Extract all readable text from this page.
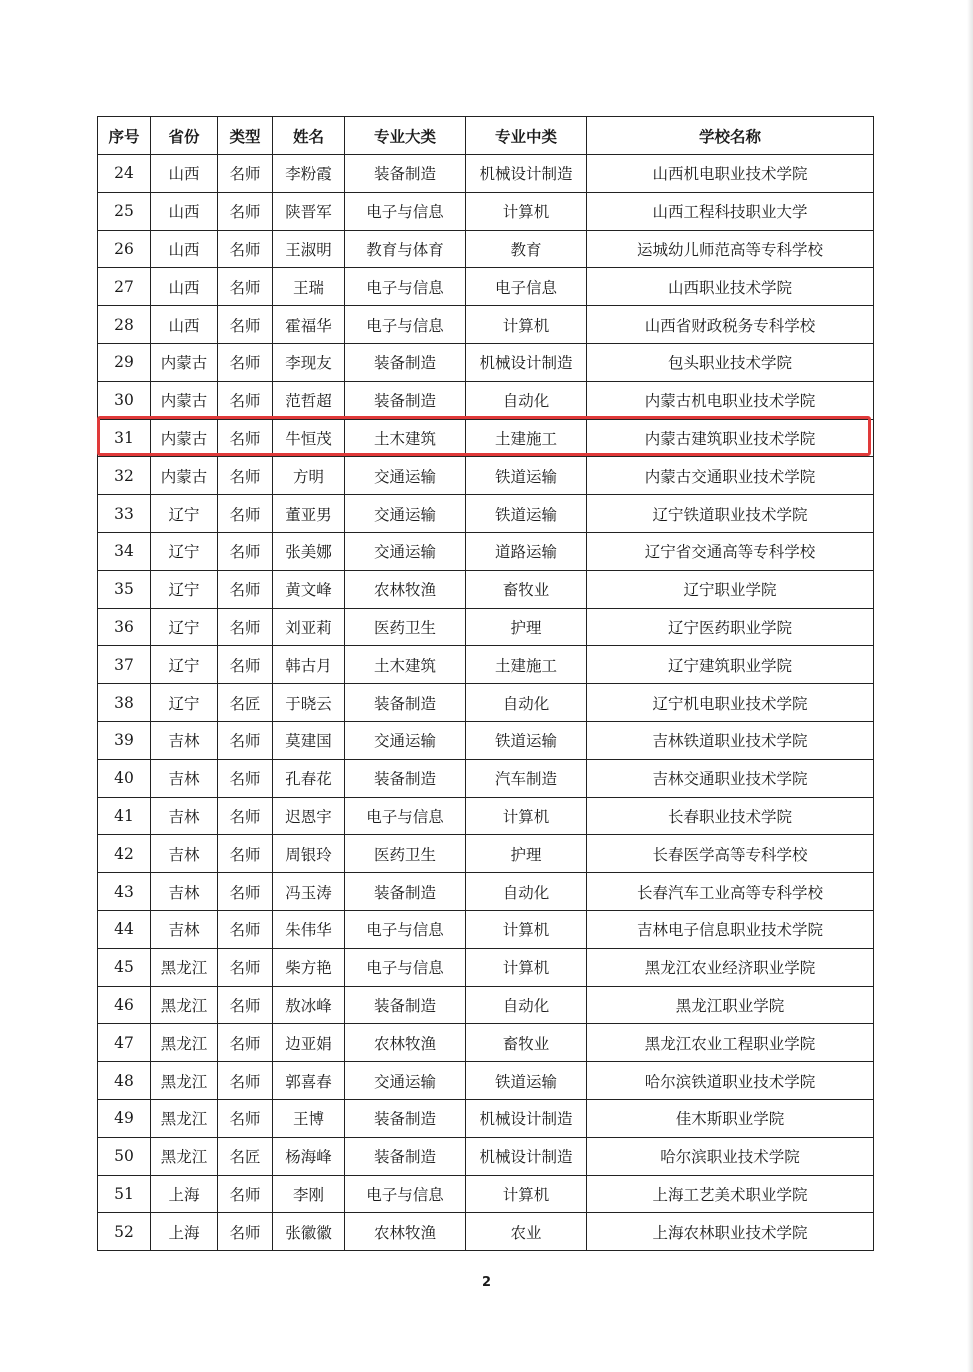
序号	省份	类型	姓名	专业大类	专业中类	学校名称
24	山西	名师	李粉霞	装备制造	机械设计制造	山西机电职业技术学院
25	山西	名师	陕晋军	电子与信息	计算机	山西工程科技职业大学
26	山西	名师	王淑明	教育与体育	教育	运城幼儿师范高等专科学校
27	山西	名师	王瑞	电子与信息	电子信息	山西职业技术学院
28	山西	名师	霍福华	电子与信息	计算机	山西省财政税务专科学校
29	内蒙古	名师	李现友	装备制造	机械设计制造	包头职业技术学院
30	内蒙古	名师	范哲超	装备制造	自动化	内蒙古机电职业技术学院
31	内蒙古	名师	牛恒茂	土木建筑	土建施工	内蒙古建筑职业技术学院
32	内蒙古	名师	方明	交通运输	铁道运输	内蒙古交通职业技术学院
33	辽宁	名师	董亚男	交通运输	铁道运输	辽宁铁道职业技术学院
34	辽宁	名师	张美娜	交通运输	道路运输	辽宁省交通高等专科学校
35	辽宁	名师	黄文峰	农林牧渔	畜牧业	辽宁职业学院
36	辽宁	名师	刘亚莉	医药卫生	护理	辽宁医药职业学院
37	辽宁	名师	韩古月	土木建筑	土建施工	辽宁建筑职业学院
38	辽宁	名匠	于晓云	装备制造	自动化	辽宁机电职业技术学院
39	吉林	名师	莫建国	交通运输	铁道运输	吉林铁道职业技术学院
40	吉林	名师	孔春花	装备制造	汽车制造	吉林交通职业技术学院
41	吉林	名师	迟恩宇	电子与信息	计算机	长春职业技术学院
42	吉林	名师	周银玲	医药卫生	护理	长春医学高等专科学校
43	吉林	名师	冯玉涛	装备制造	自动化	长春汽车工业高等专科学校
44	吉林	名师	朱伟华	电子与信息	计算机	吉林电子信息职业技术学院
45	黑龙江	名师	柴方艳	电子与信息	计算机	黑龙江农业经济职业学院
46	黑龙江	名师	敖冰峰	装备制造	自动化	黑龙江职业学院
47	黑龙江	名师	边亚娟	农林牧渔	畜牧业	黑龙江农业工程职业学院
48	黑龙江	名师	郭喜春	交通运输	铁道运输	哈尔滨铁道职业技术学院
49	黑龙江	名师	王博	装备制造	机械设计制造	佳木斯职业学院
50	黑龙江	名匠	杨海峰	装备制造	机械设计制造	哈尔滨职业技术学院
51	上海	名师	李刚	电子与信息	计算机	上海工艺美术职业学院
52	上海	名师	张徽徽	农林牧渔	农业	上海农林职业技术学院
2
